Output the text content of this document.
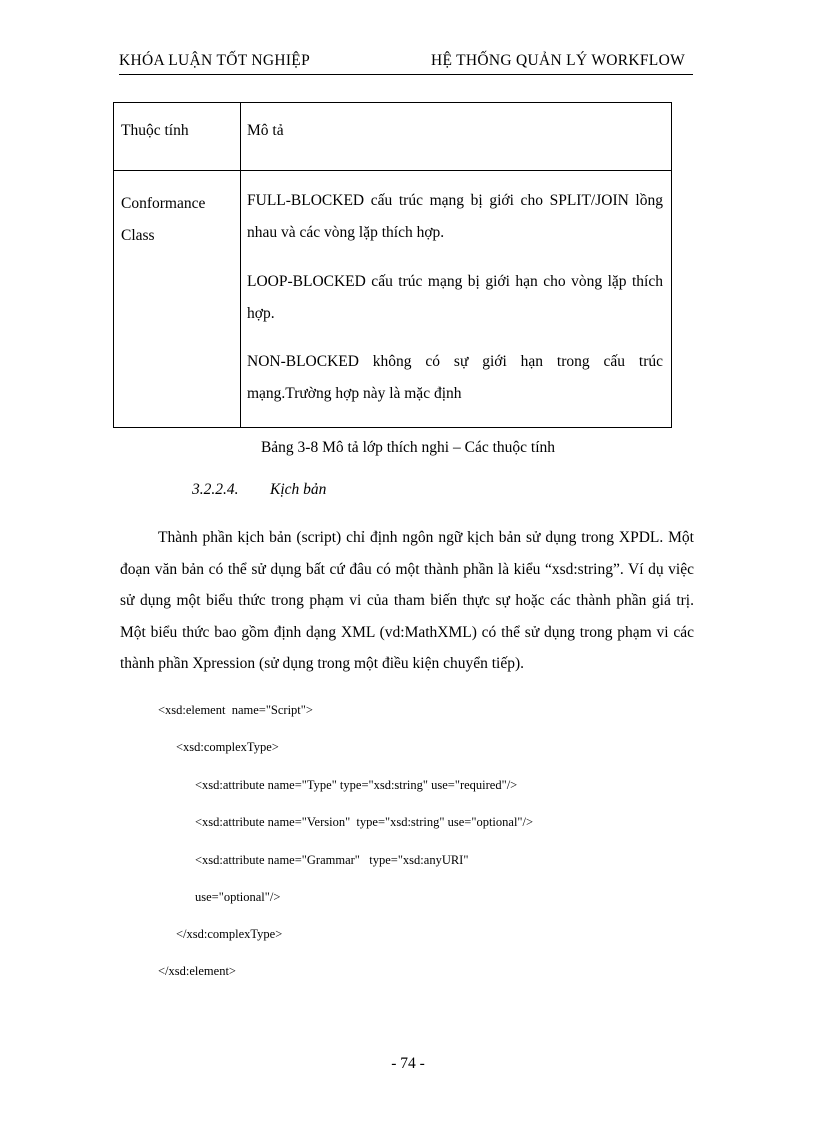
KHÓA LUẬN TỐT NGHIỆP	HỆ THỐNG QUẢN LÝ WORKFLOW
Thuộc tính	Mô tả
Conformance Class
FULL-BLOCKED cấu trúc mạng bị giới cho SPLIT/JOIN lồng nhau và các vòng lặp thích hợp.
LOOP-BLOCKED cấu trúc mạng bị giới hạn cho vòng lặp thích hợp.
NON-BLOCKED không có sự giới hạn trong cấu trúc mạng.Trường hợp này là mặc định
Bảng 3-8 Mô tả lớp thích nghi – Các thuộc tính
3.2.2.4. Kịch bản

Thành phần kịch bản (script) chỉ định ngôn ngữ kịch bản sử dụng trong XPDL. Một đoạn văn bản có thể sử dụng bất cứ đâu có một thành phần là kiểu “xsd:string”. Ví dụ việc sử dụng một biểu thức trong phạm vi của tham biến thực sự hoặc các thành phần giá trị. Một biểu thức bao gồm định dạng XML (vd:MathXML) có thể sử dụng trong phạm vi các thành phần Xpression (sử dụng trong một điều kiện chuyển tiếp).

<xsd:element  name="Script">
<xsd:complexType>
<xsd:attribute name="Type" type="xsd:string" use="required"/>
<xsd:attribute name="Version"  type="xsd:string" use="optional"/>
<xsd:attribute name="Grammar"   type="xsd:anyURI"
use="optional"/>
</xsd:complexType>
</xsd:element>
- 74 -
